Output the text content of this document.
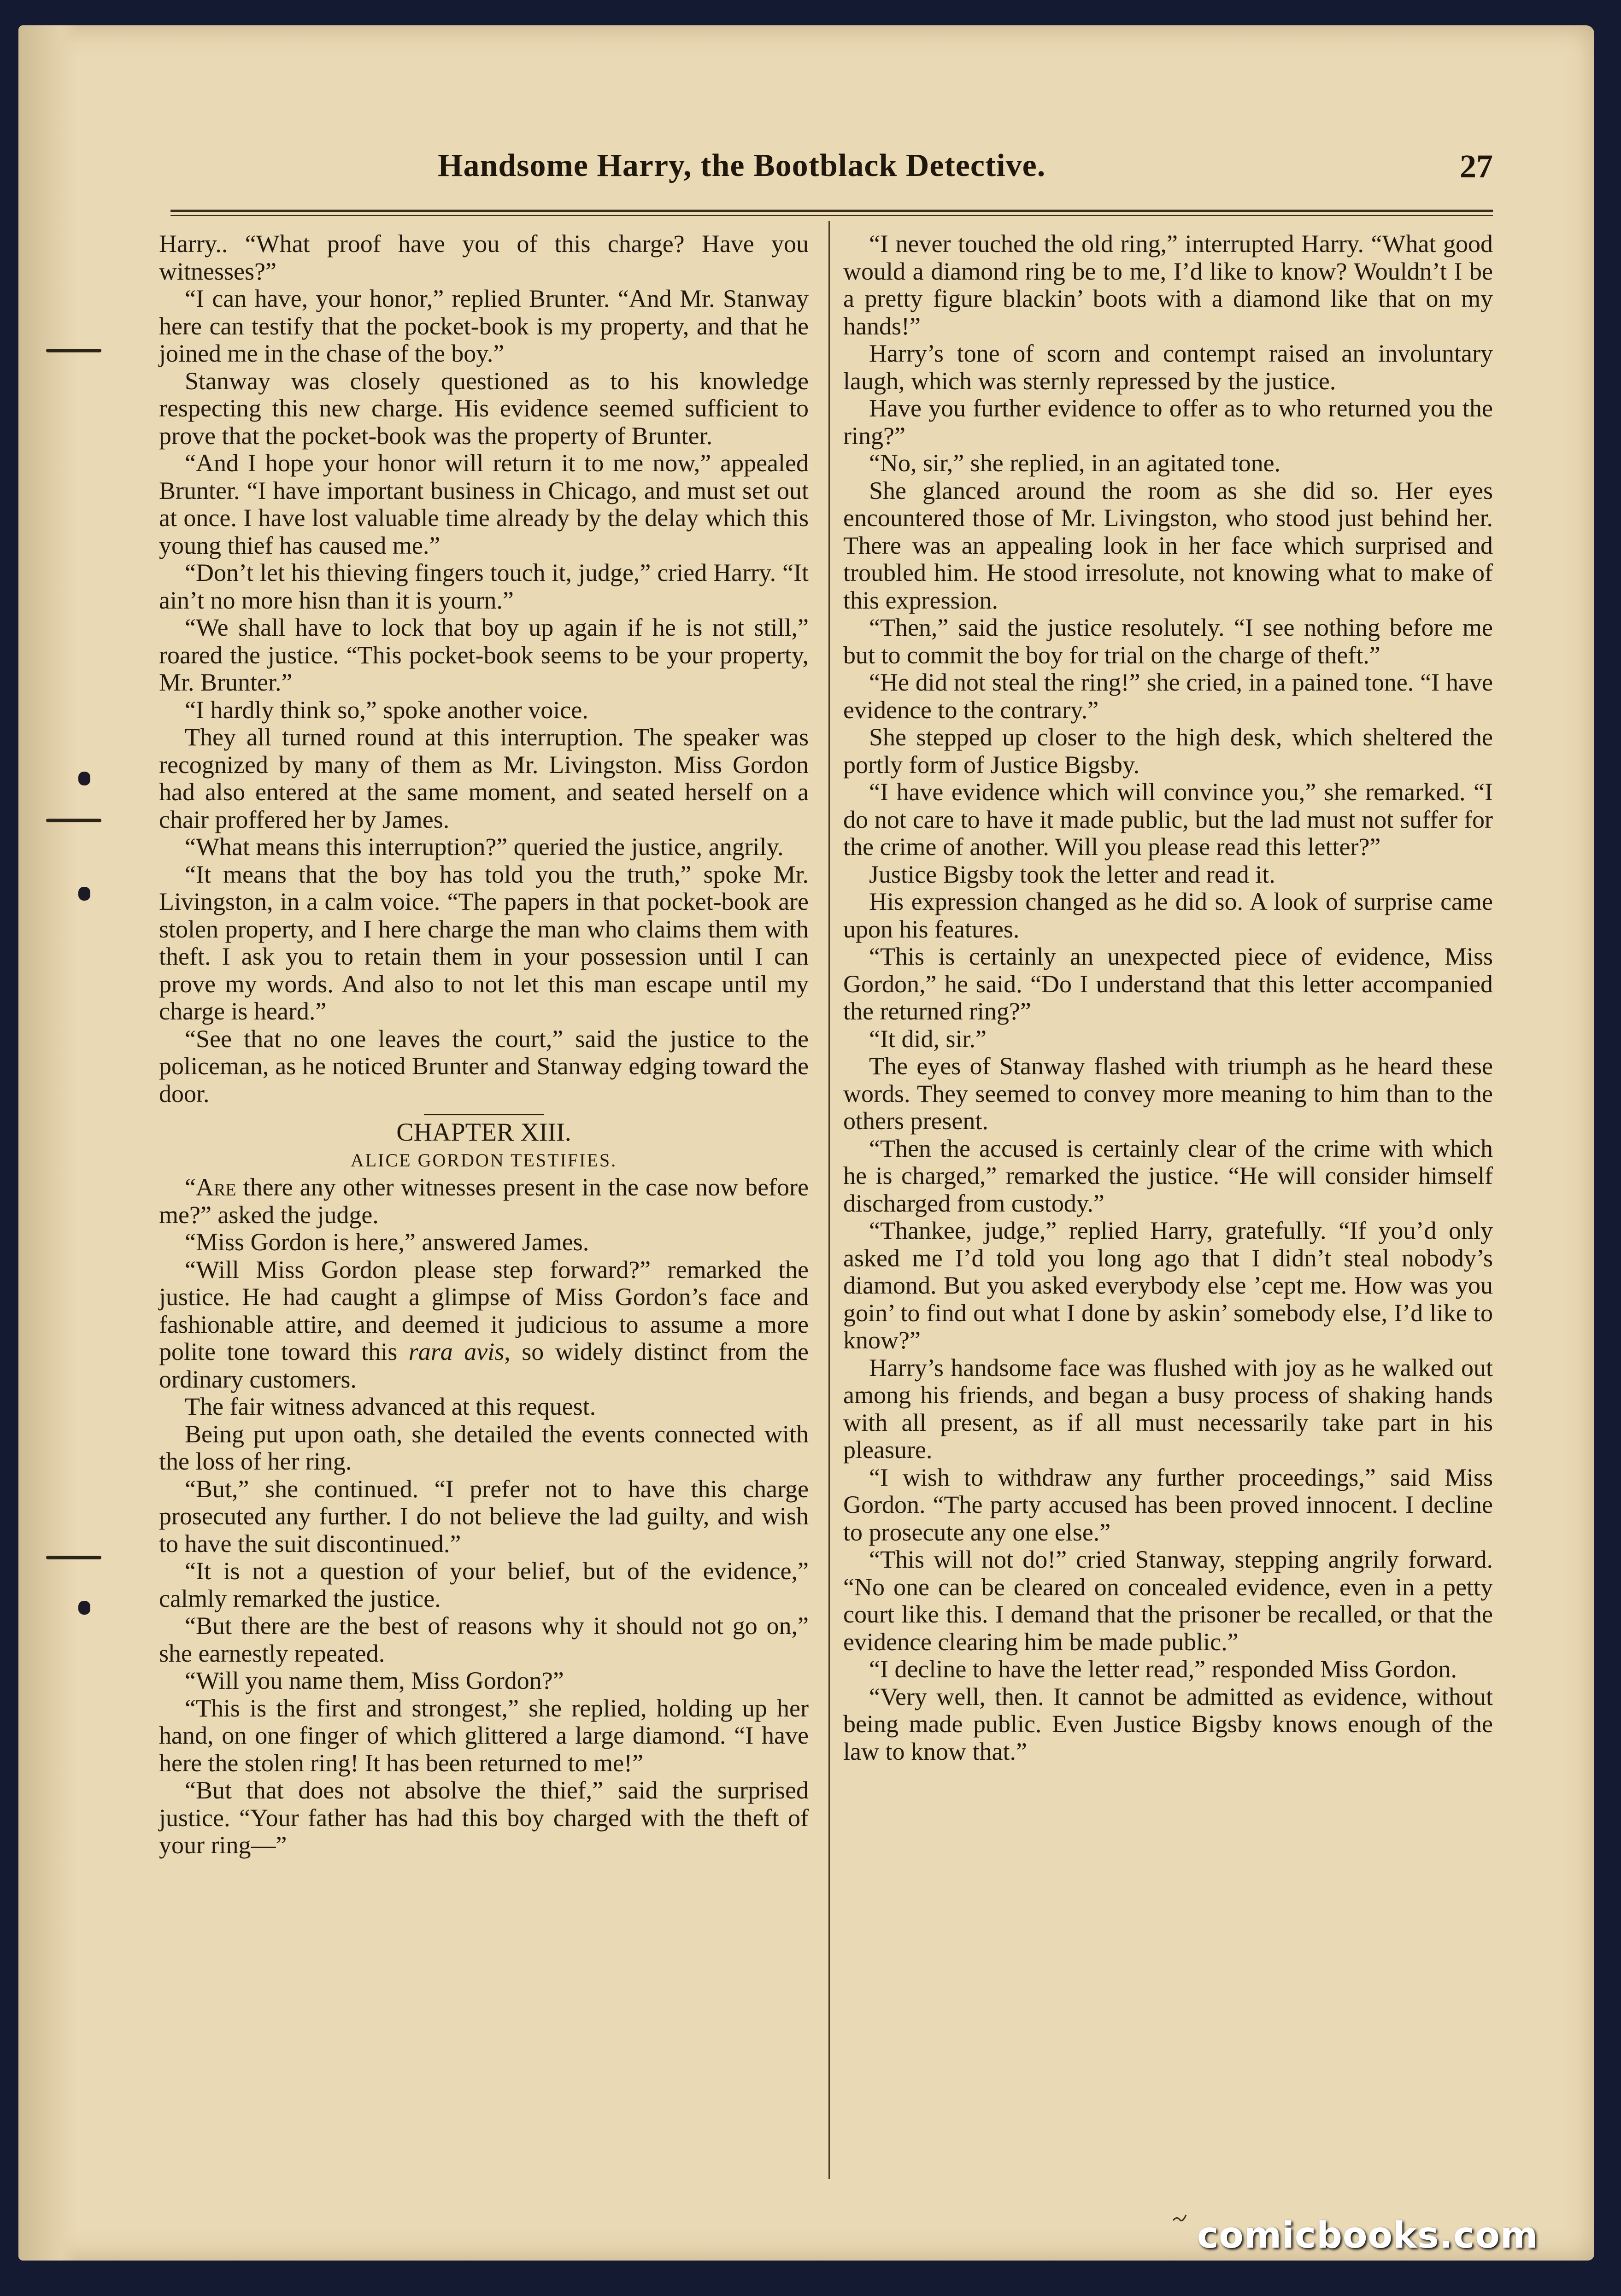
Handsome Harry, the Bootblack Detective.	27

Harry.. “What proof have you of this charge? Have you witnesses?”

“I can have, your honor,” replied Brunter. “And Mr. Stanway here can testify that the pocket-book is my property, and that he joined me in the chase of the boy.”

Stanway was closely questioned as to his knowledge respecting this new charge. His evidence seemed sufficient to prove that the pocket-book was the property of Brunter.

“And I hope your honor will return it to me now,” appealed Brunter. “I have important business in Chicago, and must set out at once. I have lost valuable time already by the delay which this young thief has caused me.”

“Don’t let his thieving fingers touch it, judge,” cried Harry. “It ain’t no more hisn than it is yourn.”

“We shall have to lock that boy up again if he is not still,” roared the justice. “This pocket-book seems to be your property, Mr. Brunter.”

“I hardly think so,” spoke another voice.

They all turned round at this interruption. The speaker was recognized by many of them as Mr. Livingston. Miss Gordon had also entered at the same moment, and seated herself on a chair proffered her by James.

“What means this interruption?” queried the justice, angrily.

“It means that the boy has told you the truth,” spoke Mr. Livingston, in a calm voice. “The papers in that pocket-book are stolen property, and I here charge the man who claims them with theft. I ask you to retain them in your possession until I can prove my words. And also to not let this man escape until my charge is heard.”

“See that no one leaves the court,” said the justice to the policeman, as he noticed Brunter and Stanway edging toward the door.

CHAPTER XIII.

ALICE GORDON TESTIFIES.

“Are there any other witnesses present in the case now before me?” asked the judge.

“Miss Gordon is here,” answered James.

“Will Miss Gordon please step forward?” remarked the justice. He had caught a glimpse of Miss Gordon’s face and fashionable attire, and deemed it judicious to assume a more polite tone toward this rara avis, so widely distinct from the ordinary customers.

The fair witness advanced at this request.

Being put upon oath, she detailed the events connected with the loss of her ring.

“But,” she continued. “I prefer not to have this charge prosecuted any further. I do not believe the lad guilty, and wish to have the suit discontinued.”

“It is not a question of your belief, but of the evidence,” calmly remarked the justice.

“But there are the best of reasons why it should not go on,” she earnestly repeated.

“Will you name them, Miss Gordon?”

“This is the first and strongest,” she replied, holding up her hand, on one finger of which glittered a large diamond. “I have here the stolen ring! It has been returned to me!”

“But that does not absolve the thief,” said the surprised justice. “Your father has had this boy charged with the theft of your ring—”

“I never touched the old ring,” interrupted Harry. “What good would a diamond ring be to me, I’d like to know? Wouldn’t I be a pretty figure blackin’ boots with a diamond like that on my hands!”

Harry’s tone of scorn and contempt raised an involuntary laugh, which was sternly repressed by the justice.

Have you further evidence to offer as to who returned you the ring?”

“No, sir,” she replied, in an agitated tone.

She glanced around the room as she did so. Her eyes encountered those of Mr. Livingston, who stood just behind her. There was an appealing look in her face which surprised and troubled him. He stood irresolute, not knowing what to make of this expression.

“Then,” said the justice resolutely. “I see nothing before me but to commit the boy for trial on the charge of theft.”

“He did not steal the ring!” she cried, in a pained tone. “I have evidence to the contrary.”

She stepped up closer to the high desk, which sheltered the portly form of Justice Bigsby.

“I have evidence which will convince you,” she remarked. “I do not care to have it made public, but the lad must not suffer for the crime of another. Will you please read this letter?”

Justice Bigsby took the letter and read it.

His expression changed as he did so. A look of surprise came upon his features.

“This is certainly an unexpected piece of evidence, Miss Gordon,” he said. “Do I understand that this letter accompanied the returned ring?”

“It did, sir.”

The eyes of Stanway flashed with triumph as he heard these words. They seemed to convey more meaning to him than to the others present.

“Then the accused is certainly clear of the crime with which he is charged,” remarked the justice. “He will consider himself discharged from custody.”

“Thankee, judge,” replied Harry, gratefully. “If you’d only asked me I’d told you long ago that I didn’t steal nobody’s diamond. But you asked everybody else ’cept me. How was you goin’ to find out what I done by askin’ somebody else, I’d like to know?”

Harry’s handsome face was flushed with joy as he walked out among his friends, and began a busy process of shaking hands with all present, as if all must necessarily take part in his pleasure.

“I wish to withdraw any further proceedings,” said Miss Gordon. “The party accused has been proved innocent. I decline to prosecute any one else.”

“This will not do!” cried Stanway, stepping angrily forward. “No one can be cleared on concealed evidence, even in a petty court like this. I demand that the prisoner be recalled, or that the evidence clearing him be made public.”

“I decline to have the letter read,” responded Miss Gordon.

“Very well, then. It cannot be admitted as evidence, without being made public. Even Justice Bigsby knows enough of the law to know that.”

comicbooks.com
